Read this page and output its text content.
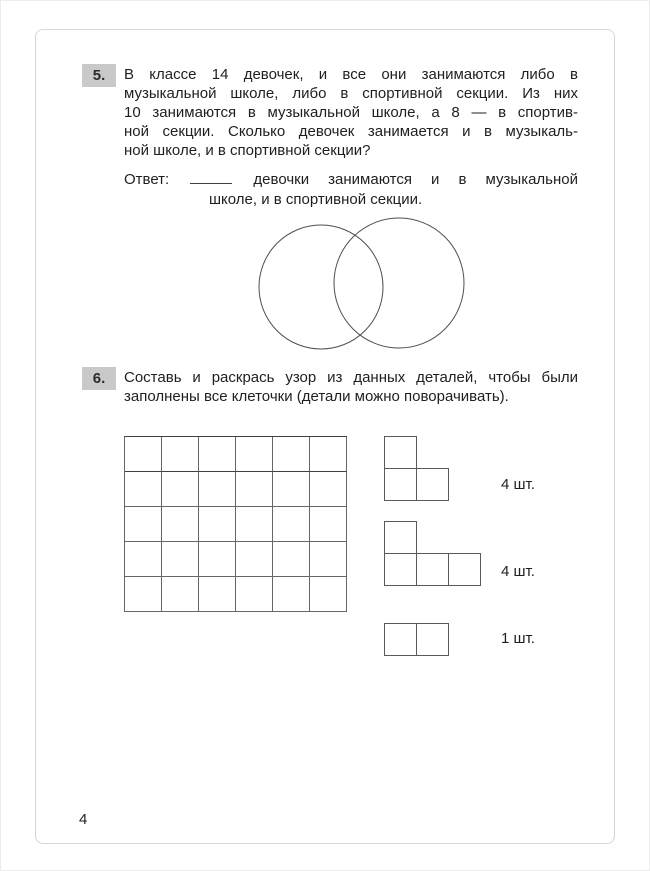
5.	В классе 14 девочек, и все они занимаются либо в
музыкальной школе, либо в спортивной секции. Из них
10 занимаются в музыкальной школе, а 8 — в спортив-
ной секции. Сколько девочек занимается и в музыкаль-
ной школе, и в спортивной секции?
Ответ:	девочки занимаются и в музыкальной
школе, и в спортивной секции.
6.	Составь и раскрась узор из данных деталей, чтобы были
заполнены все клеточки (детали можно поворачивать).
4 шт.
4 шт.
1 шт.
4
